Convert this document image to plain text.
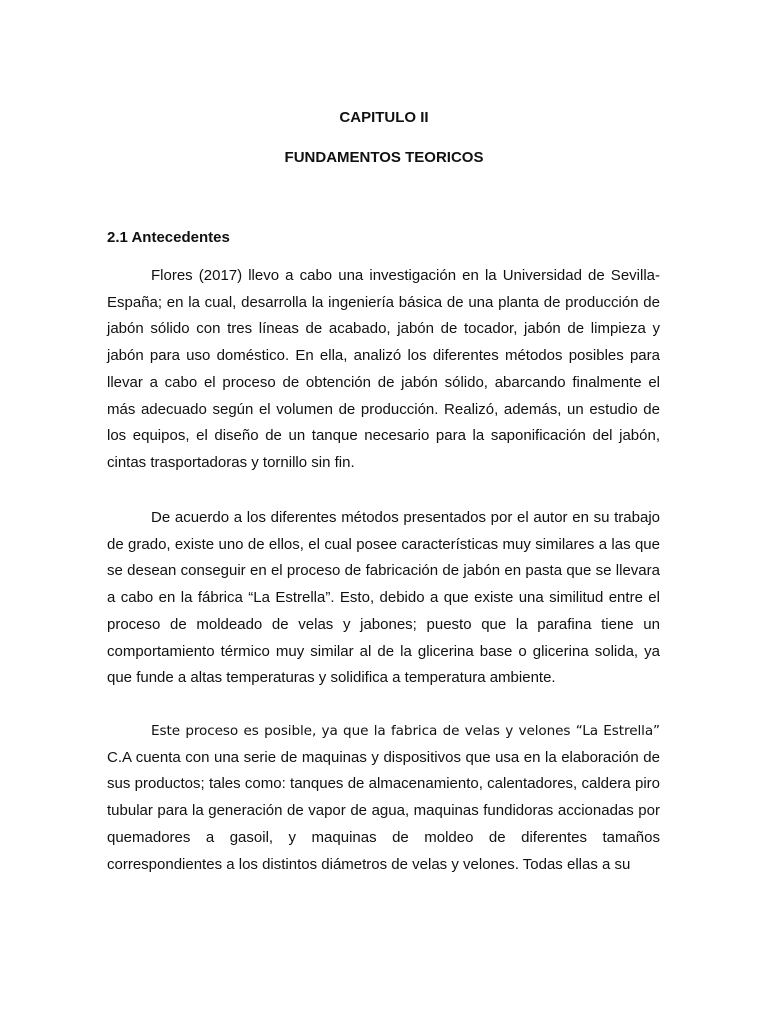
CAPITULO II
FUNDAMENTOS TEORICOS
2.1 Antecedentes

Flores (2017) llevo a cabo una investigación en la Universidad de Sevilla-España; en la cual, desarrolla la ingeniería básica de una planta de producción de jabón sólido con tres líneas de acabado, jabón de tocador, jabón de limpieza y jabón para uso doméstico. En ella, analizó los diferentes métodos posibles para llevar a cabo el proceso de obtención de jabón sólido, abarcando finalmente el más adecuado según el volumen de producción. Realizó, además, un estudio de los equipos, el diseño de un tanque necesario para la saponificación del jabón, cintas trasportadoras y tornillo sin fin.

De acuerdo a los diferentes métodos presentados por el autor en su trabajo de grado, existe uno de ellos, el cual posee características muy similares a las que se desean conseguir en el proceso de fabricación de jabón en pasta que se llevara a cabo en la fábrica “La Estrella”. Esto, debido a que existe una similitud entre el proceso de moldeado de velas y jabones; puesto que la parafina tiene un comportamiento térmico muy similar al de la glicerina base o glicerina solida, ya que funde a altas temperaturas y solidifica a temperatura ambiente.

Este proceso es posible, ya que la fabrica de velas y velones “La Estrella” C.A cuenta con una serie de maquinas y dispositivos que usa en la elaboración de sus productos; tales como: tanques de almacenamiento, calentadores, caldera piro tubular para la generación de vapor de agua, maquinas fundidoras accionadas por quemadores a gasoil, y maquinas de moldeo de diferentes tamaños correspondientes a los distintos diámetros de velas y velones. Todas ellas a su
